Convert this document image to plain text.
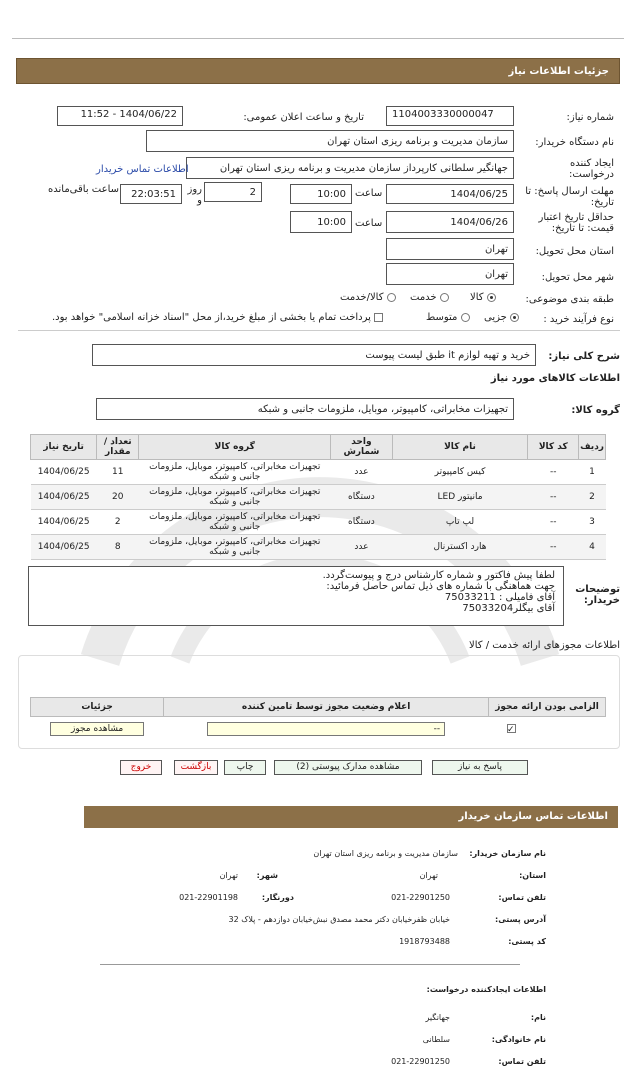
جزئیات اطلاعات نیاز
شماره نیاز:
1104003330000047
تاریخ و ساعت اعلان عمومی:
1404/06/22 - 11:52
نام دستگاه خریدار:
سازمان مدیریت و برنامه ریزی استان تهران
ایجاد کننده درخواست:
جهانگیر سلطانی کارپرداز سازمان مدیریت و برنامه ریزی استان تهران
اطلاعات تماس خریدار
مهلت ارسال پاسخ: تا تاریخ:
1404/06/25
ساعت
10:00
2
روز و
22:03:51
ساعت باقی‌مانده
حداقل تاریخ اعتبار قیمت: تا تاریخ:
1404/06/26
ساعت
10:00
استان محل تحویل:
تهران
شهر محل تحویل:
تهران
طبقه بندی موضوعی:
کالا
خدمت
کالا/خدمت
نوع فرآیند خرید :
جزیی
متوسط
پرداخت تمام یا بخشی از مبلغ خرید،از محل "اسناد خزانه اسلامی" خواهد بود.
شرح کلی نیاز:
خرید و تهیه لوازم it طبق لیست پیوست
اطلاعات کالاهای مورد نیاز
گروه کالا:
تجهیزات مخابراتی، کامپیوتر، موبایل، ملزومات جانبی و شبکه
ردیف	کد کالا	نام کالا	واحد شمارش	گروه کالا	تعداد / مقدار	تاریخ نیاز
1	--	کیس کامپیوتر	عدد	تجهیزات مخابراتی، کامپیوتر، موبایل، ملزومات جانبی و شبکه	11	1404/06/25
2	--	مانیتور LED	دستگاه	تجهیزات مخابراتی، کامپیوتر، موبایل، ملزومات جانبی و شبکه	20	1404/06/25
3	--	لپ تاپ	دستگاه	تجهیزات مخابراتی، کامپیوتر، موبایل، ملزومات جانبی و شبکه	2	1404/06/25
4	--	هارد اکسترنال	عدد	تجهیزات مخابراتی، کامپیوتر، موبایل، ملزومات جانبی و شبکه	8	1404/06/25
توضیحات خریدار:
لطفا پیش فاکتور و شماره کارشناس درج و پیوست‌گردد.
جهت هماهنگی با شماره های ذیل تماس حاصل فرمائید:
آقای فامیلی : 75033211
آقای بیگلر75033204
اطلاعات مجوزهای ارائه خدمت / کالا
الزامی بودن ارائه مجوز	اعلام وضعیت مجوز توسط تامین کننده	جزئیات
✓	--	مشاهده مجوز
پاسخ به نیاز
مشاهده مدارک پیوستی (2)
چاپ
بازگشت
خروج
اطلاعات تماس سازمان خریدار
نام سازمان خریدار:
سازمان مدیریت و برنامه ریزی استان تهران
استان:
تهران
شهر:
تهران
تلفن تماس:
021-22901250
دورنگار:
021-22901198
آدرس پستی:
خیابان ظفرخیابان دکتر محمد مصدق نبش‌خیابان دوازدهم - پلاک 32
کد پستی:
1918793488
اطلاعات ایجادکننده درخواست:
نام:
جهانگیر
نام خانوادگی:
سلطانی
تلفن تماس:
021-22901250
